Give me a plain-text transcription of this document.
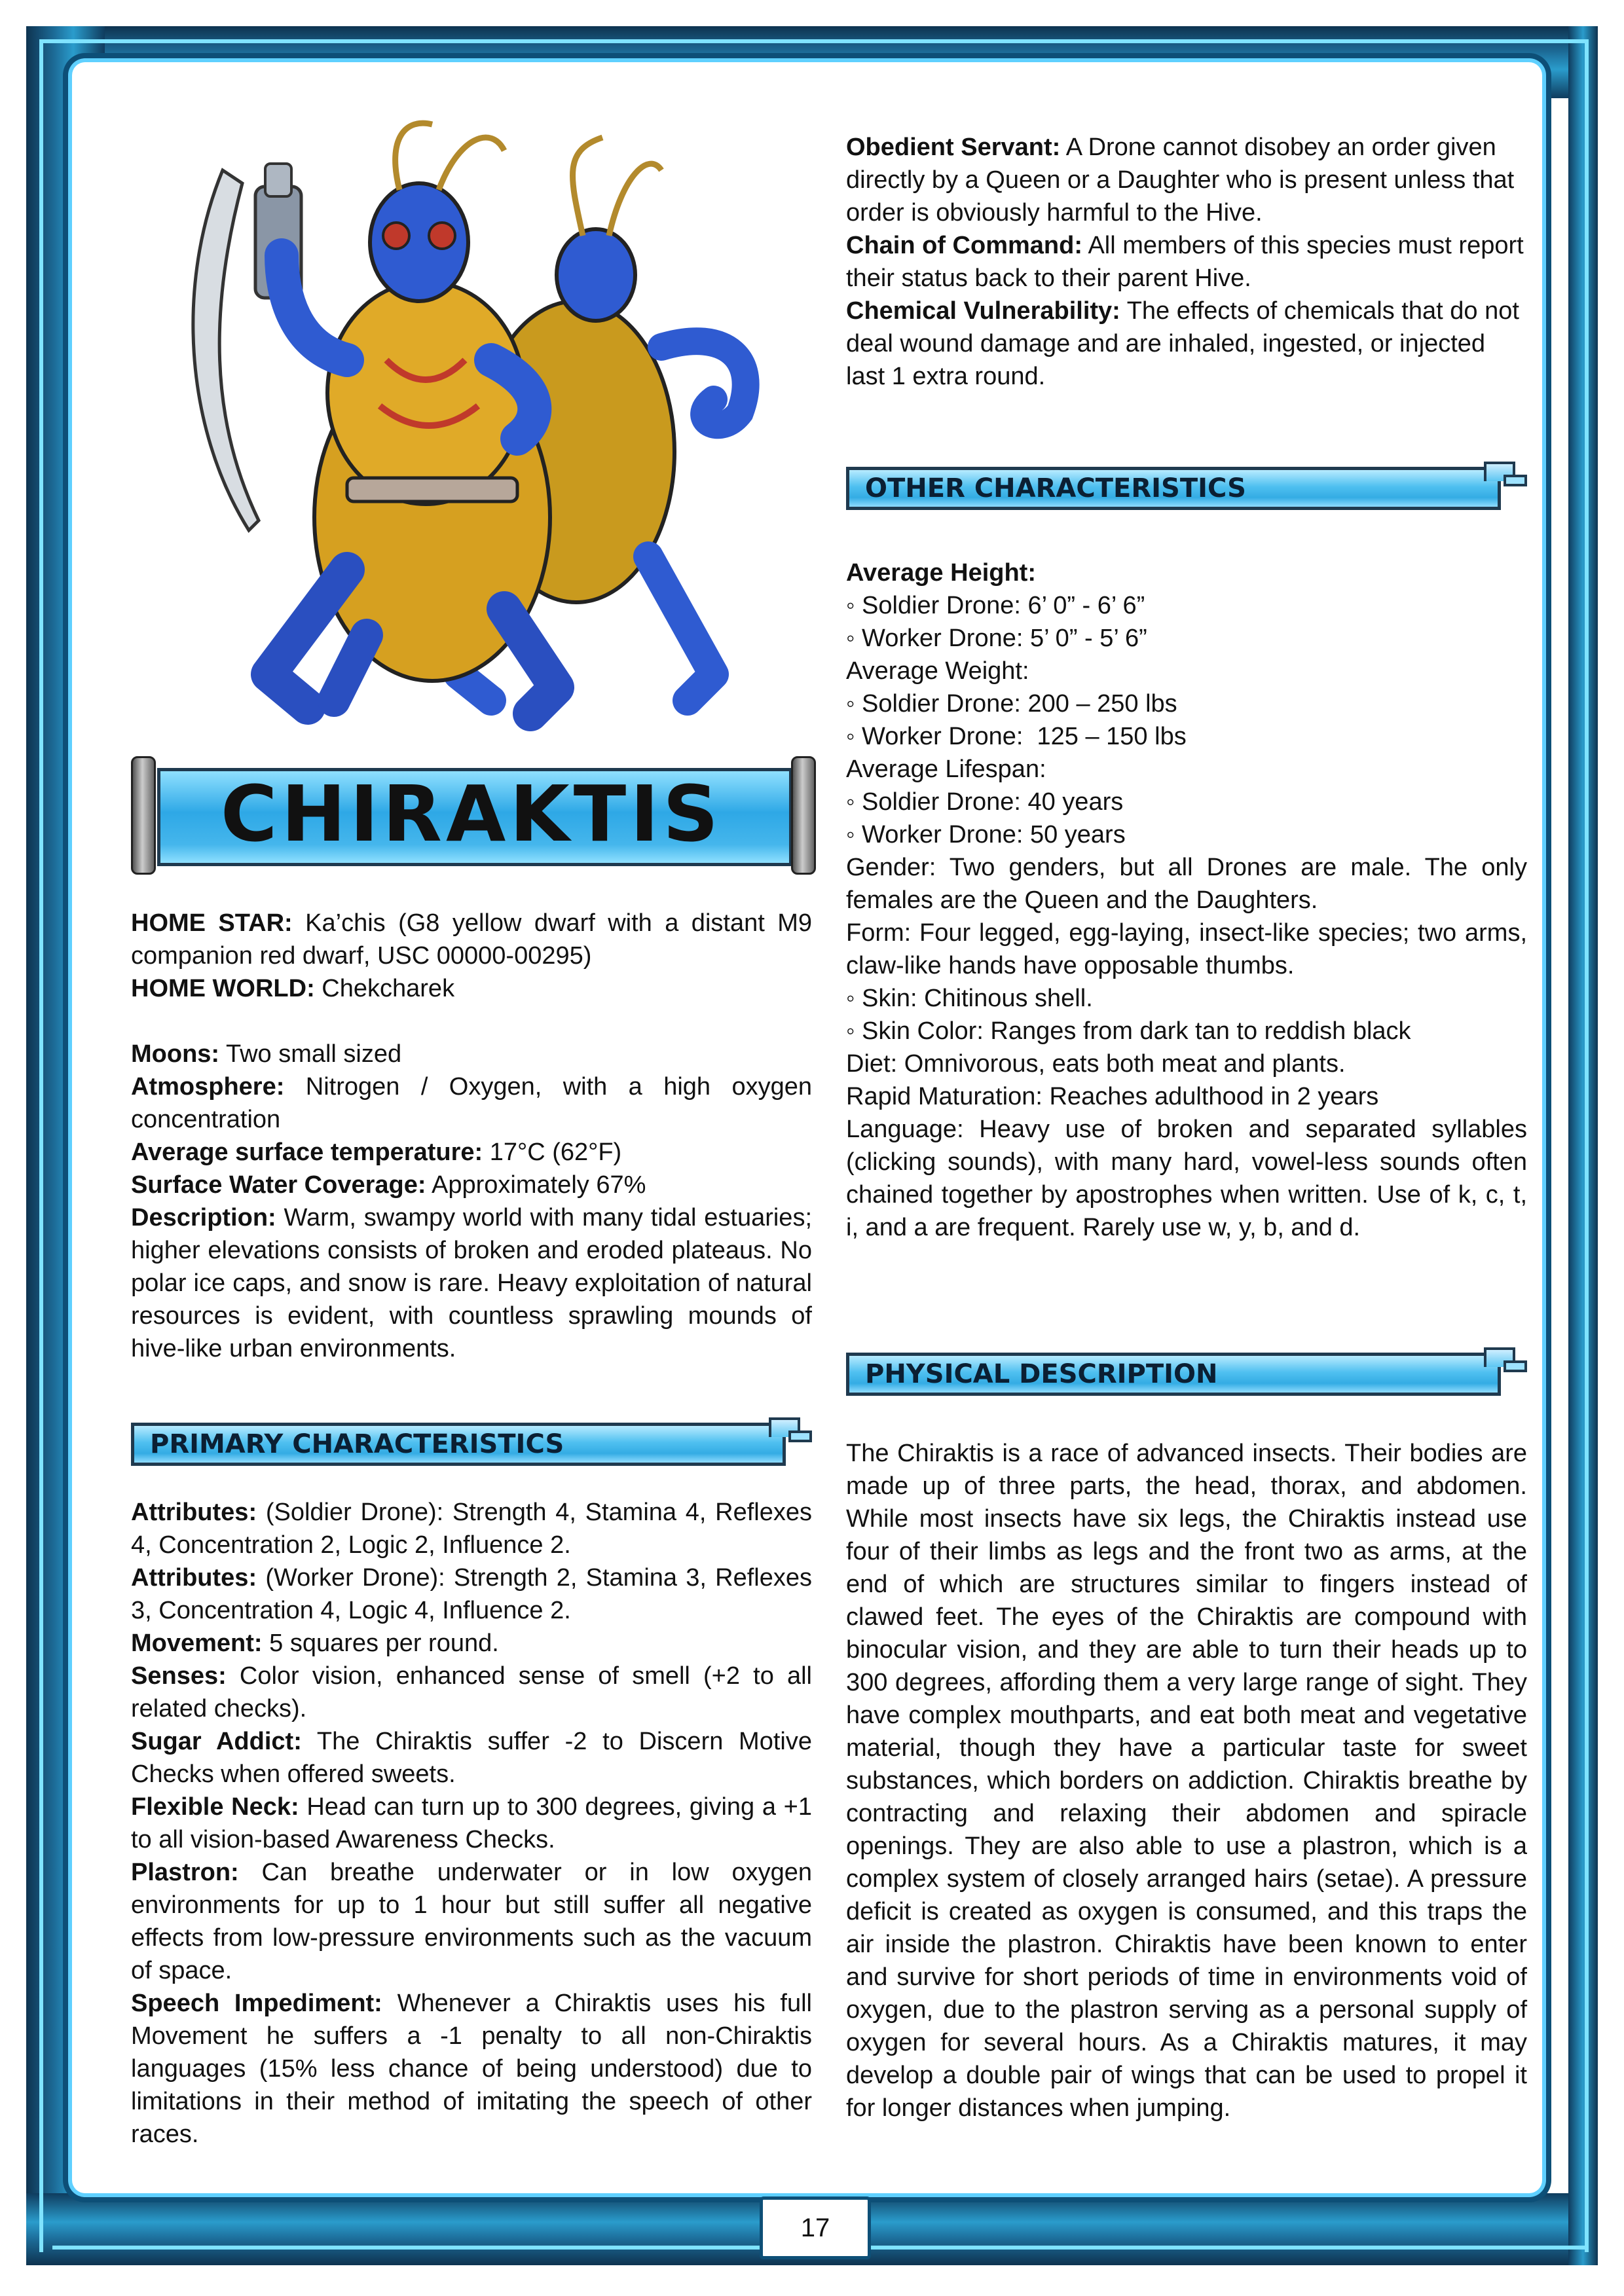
CHIRAKTIS

HOME STAR: Ka’chis (G8 yellow dwarf with a distant M9 companion red dwarf, USC 00000-00295)

HOME WORLD: Chekcharek

Moons: Two small sized

Atmosphere: Nitrogen / Oxygen, with a high oxygen concentration

Average surface temperature: 17°C (62°F)

Surface Water Coverage: Approximately 67%

Description: Warm, swampy world with many tidal estuaries; higher elevations consists of broken and eroded plateaus. No polar ice caps, and snow is rare. Heavy exploitation of natural resources is evident, with countless sprawling mounds of hive-like urban environments.

PRIMARY CHARACTERISTICS

Attributes: (Soldier Drone): Strength 4, Stamina 4, Reflexes 4, Concentration 2, Logic 2, Influence 2.

Attributes: (Worker Drone): Strength 2, Stamina 3, Reflexes 3, Concentration 4, Logic 4, Influence 2.

Movement: 5 squares per round.

Senses: Color vision, enhanced sense of smell (+2 to all related checks).

Sugar Addict: The Chiraktis suffer -2 to Discern Motive Checks when offered sweets.

Flexible Neck: Head can turn up to 300 degrees, giving a +1 to all vision-based Awareness Checks.

Plastron: Can breathe underwater or in low oxygen environments for up to 1 hour but still suffer all negative effects from low-pressure environments such as the vacuum of space.

Speech Impediment: Whenever a Chiraktis uses his full Movement he suffers a -1 penalty to all non-Chiraktis languages (15% less chance of being understood) due to limitations in their method of imitating the speech of other races.

Obedient Servant: A Drone cannot disobey an order given directly by a Queen or a Daughter who is present unless that order is obviously harmful to the Hive.

Chain of Command: All members of this species must report their status back to their parent Hive.

Chemical Vulnerability: The effects of chemicals that do not deal wound damage and are inhaled, ingested, or injected last 1 extra round.

OTHER CHARACTERISTICS

Average Height:

◦ Soldier Drone: 6’ 0” - 6’ 6”

◦ Worker Drone: 5’ 0” - 5’ 6”

Average Weight:

◦ Soldier Drone: 200 – 250 lbs

◦ Worker Drone:  125 – 150 lbs

Average Lifespan:

◦ Soldier Drone: 40 years

◦ Worker Drone: 50 years

Gender: Two genders, but all Drones are male. The only females are the Queen and the Daughters.

Form: Four legged, egg-laying, insect-like species; two arms, claw-like hands have opposable thumbs.

◦ Skin: Chitinous shell.

◦ Skin Color: Ranges from dark tan to reddish black

Diet: Omnivorous, eats both meat and plants.

Rapid Maturation: Reaches adulthood in 2 years

Language: Heavy use of broken and separated syllables (clicking sounds), with many hard, vowel-less sounds often chained together by apostrophes when written. Use of k, c, t, i, and a are frequent. Rarely use w, y, b, and d.

PHYSICAL DESCRIPTION

The Chiraktis is a race of advanced insects. Their bodies are made up of three parts, the head, thorax, and abdomen. While most insects have six legs, the Chiraktis instead use four of their limbs as legs and the front two as arms, at the end of which are structures similar to fingers instead of clawed feet. The eyes of the Chiraktis are compound with binocular vision, and they are able to turn their heads up to 300 degrees, affording them a very large range of sight. They have complex mouthparts, and eat both meat and vegetative material, though they have a particular taste for sweet substances, which borders on addiction. Chiraktis breathe by contracting and relaxing their abdomen and spiracle openings. They are also able to use a plastron, which is a complex system of closely arranged hairs (setae). A pressure deficit is created as oxygen is consumed, and this traps the air inside the plastron. Chiraktis have been known to enter and survive for short periods of time in environments void of oxygen, due to the plastron serving as a personal supply of oxygen for several hours. As a Chiraktis matures, it may develop a double pair of wings that can be used to propel it for longer distances when jumping.

17
